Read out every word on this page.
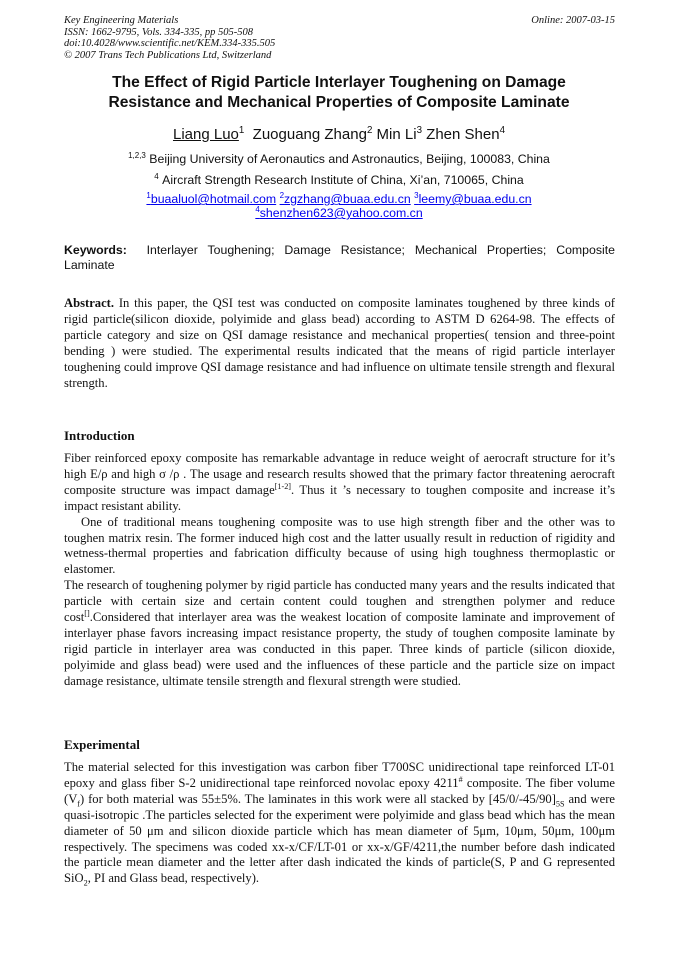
Key Engineering Materials
ISSN: 1662-9795, Vols. 334-335, pp 505-508
doi:10.4028/www.scientific.net/KEM.334-335.505
© 2007 Trans Tech Publications Ltd, Switzerland
Online: 2007-03-15
The Effect of Rigid Particle Interlayer Toughening on Damage
Resistance and Mechanical Properties of Composite Laminate
Liang Luo$^1$ Zuoguang Zhang$^2$ Min Li$^3$ Zhen Shen$^4$
$^{1,2,3}$ Beijing University of Aeronautics and Astronautics, Beijing, 100083, China
$^4$ Aircraft Strength Research Institute of China, Xi’an, 710065, China
$^1$buaaluol@hotmail.com $^2$zgzhang@buaa.edu.cn $^3$leemy@buaa.edu.cn
$^4$shenzhen623@yahoo.com.cn
Keywords: Interlayer Toughening; Damage Resistance; Mechanical Properties; Composite Laminate

Abstract. In this paper, the QSI test was conducted on composite laminates toughened by three kinds of rigid particle(silicon dioxide, polyimide and glass bead) according to ASTM D 6264-98. The effects of particle category and size on QSI damage resistance and mechanical properties( tension and three-point bending ) were studied. The experimental results indicated that the means of rigid particle interlayer toughening could improve QSI damage resistance and had influence on ultimate tensile strength and flexural strength.

Introduction

Fiber reinforced epoxy composite has remarkable advantage in reduce weight of aerocraft structure for it’s high E/ρ and high σ /ρ . The usage and research results showed that the primary factor threatening aerocraft composite structure was impact damage[1-2]. Thus it ’s necessary to toughen composite and increase it’s impact resistant ability.

One of traditional means toughening composite was to use high strength fiber and the other was to toughen matrix resin. The former induced high cost and the latter usually result in reduction of rigidity and wetness-thermal properties and fabrication difficulty because of using high toughness thermoplastic or elastomer.

The research of toughening polymer by rigid particle has conducted many years and the results indicated that particle with certain size and certain content could toughen and strengthen polymer and reduce cost[].Considered that interlayer area was the weakest location of composite laminate and improvement of interlayer phase favors increasing impact resistance property, the study of toughen composite laminate by rigid particle in interlayer area was conducted in this paper. Three kinds of particle (silicon dioxide, polyimide and glass bead) were used and the influences of these particle and the particle size on impact damage resistance, ultimate tensile strength and flexural strength were studied.

Experimental

The material selected for this investigation was carbon fiber T700SC unidirectional tape reinforced LT-01 epoxy and glass fiber S-2 unidirectional tape reinforced novolac epoxy 4211# composite. The fiber volume $(V_f)$ for both material was 55±5%. The laminates in this work were all stacked by $[45/0/-45/90]_{5S}$ and were quasi-isotropic .The particles selected for the experiment were polyimide and glass bead which has the mean diameter of 50 μm and silicon dioxide particle which has mean diameter of 5μm, 10μm, 50μm, 100μm respectively. The specimens was coded xx-x/CF/LT-01 or xx-x/GF/4211,the number before dash indicated the particle mean diameter and the letter after dash indicated the kinds of particle(S, P and G represented SiO$_2$, PI and Glass bead, respectively).
